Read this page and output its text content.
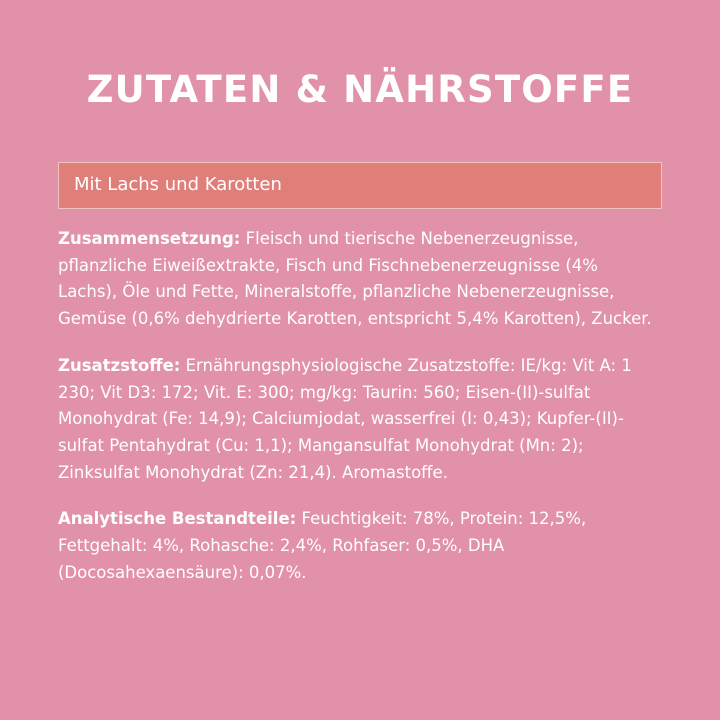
ZUTATEN & NÄHRSTOFFE
Mit Lachs und Karotten
Zusammensetzung: Fleisch und tierische Nebenerzeugnisse, pflanzliche Eiweißextrakte, Fisch und Fischnebenerzeugnisse (4% Lachs), Öle und Fette, Mineralstoffe, pflanzliche Nebenerzeugnisse, Gemüse (0,6% dehydrierte Karotten, entspricht 5,4% Karotten), Zucker.
Zusatzstoffe: Ernährungsphysiologische Zusatzstoffe: IE/kg: Vit A: 1 230; Vit D3: 172; Vit. E: 300; mg/kg: Taurin: 560; Eisen-(II)-sulfat Monohydrat (Fe: 14,9); Calciumjodat, wasserfrei (I: 0,43); Kupfer-(II)-sulfat Pentahydrat (Cu: 1,1); Mangansulfat Monohydrat (Mn: 2); Zinksulfat Monohydrat (Zn: 21,4). Aromastoffe.
Analytische Bestandteile: Feuchtigkeit: 78%, Protein: 12,5%, Fettgehalt: 4%, Rohasche: 2,4%, Rohfaser: 0,5%, DHA (Docosahexaensäure): 0,07%.
